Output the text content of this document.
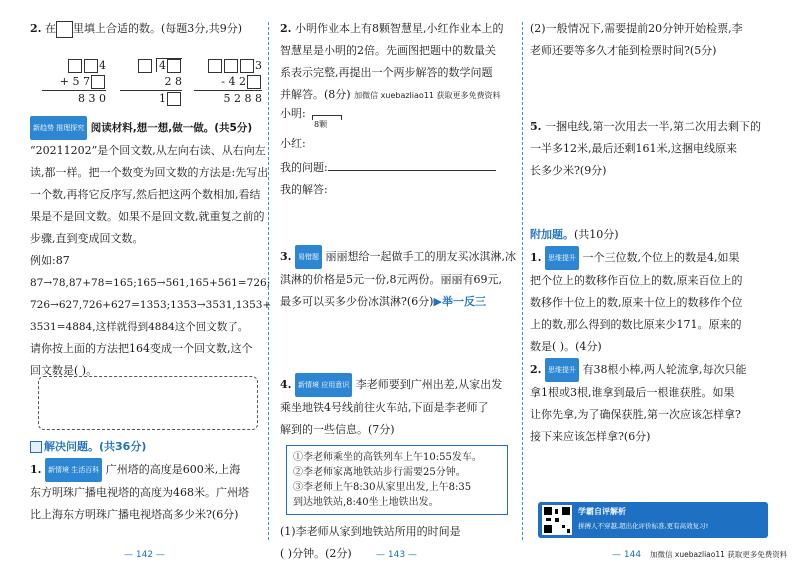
2. 在 里填上合适的数。(每题3分,共9分)

4
+ 5 7
8 3 0
4
2 8
1
3
- 4 2
5 2 8 8

新趋势 推理探究 阅读材料,想一想,做一做。(共5分)

“20211202”是个回文数,从左向右读、从右向左

读,都一样。把一个数变为回文数的方法是:先写出

一个数,再将它反序写,然后把这两个数相加,看结

果是不是回文数。如果不是回文数,就重复之前的

步骤,直到变成回文数。

例如:87

87→78,87+78=165;165→561,165+561=726;

726→627,726+627=1353;1353→3531,1353+

3531=4884,这样就得到4884这个回文数了。

请你按上面的方法把164变成一个回文数,这个

回文数是( )。

解决问题。(共36分)

1. 新情境 生活百科 广州塔的高度是600米,上海

东方明珠广播电视塔的高度为468米。广州塔

比上海东方明珠广播电视塔高多少米?(6分)

2. 小明作业本上有8颗智慧星,小红作业本上的

智慧星是小明的2倍。先画图把题中的数量关

系表示完整,再提出一个两步解答的数学问题

并解答。(8分) 加微信 xuebazliao11 获取更多免费资料

小明:
8颗
小红:

我的问题:

我的解答:

3. 易错题 丽丽想给一起做手工的朋友买冰淇淋,冰

淇淋的价格是5元一份,8元两份。丽丽有69元,

最多可以买多少份冰淇淋?(6分)▶举一反三

4. 新情境 应用意识 李老师要到广州出差,从家出发

乘坐地铁4号线前往火车站,下面是李老师了

解到的一些信息。(7分)

①李老师乘坐的高铁列车上午10:55发车。

②李老师家离地铁站步行需要25分钟。

③李老师上午8:30从家里出发,上午8:35

到达地铁站,8:40坐上地铁出发。

(1)李老师从家到地铁站所用的时间是

( )分钟。(2分)

(2)一般情况下,需要提前20分钟开始检票,李

老师还要等多久才能到检票时间?(5分)

5. 一捆电线,第一次用去一半,第二次用去剩下的

一半多12米,最后还剩161米,这捆电线原来

长多少米?(9分)

附加题。(共10分)

1. 思维提升 一个三位数,个位上的数是4,如果

把个位上的数移作百位上的数,原来百位上的

数移作十位上的数,原来十位上的数移作个位

上的数,那么得到的数比原来少171。原来的

数是( )。(4分)

2. 思维提升 有38根小棒,两人轮流拿,每次只能

拿1根或3根,谁拿到最后一根谁获胜。如果

让你先拿,为了确保获胜,第一次应该怎样拿?

接下来应该怎样拿?(6分)

学霸自评解析
拼搏人不穿越,超出化评价标准,更有高效复习!
— 142 —	— 143 —	— 144 加微信 xuebazliao11 获取更多免费资料
